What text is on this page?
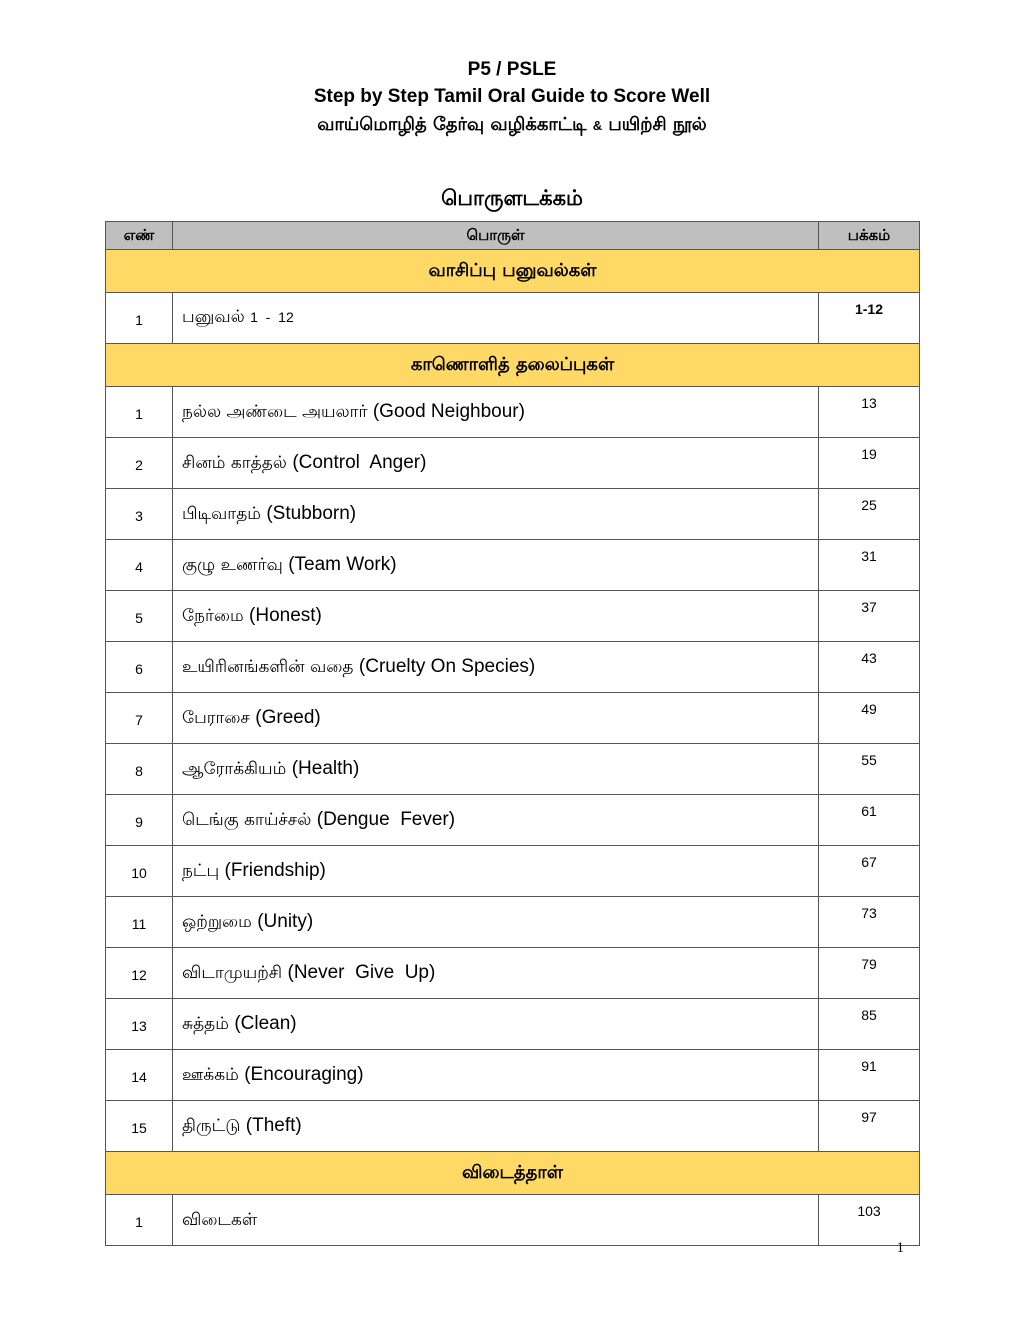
P5 / PSLE
Step by Step Tamil Oral Guide to Score Well
வாய்மொழித் தேர்வு வழிக்காட்டி & பயிற்சி நூல்
பொருளடக்கம்
எண்	பொருள்	பக்கம்
வாசிப்பு பனுவல்கள்		
1	பனுவல் 1  -  12	1-12
காணொளித் தலைப்புகள்		
1	நல்ல அண்டை அயலார் (Good Neighbour)	13
2	சினம் காத்தல் (Control  Anger)	19
3	பிடிவாதம் (Stubborn)	25
4	குழு உணர்வு (Team Work)	31
5	நேர்மை (Honest)	37
6	உயிரினங்களின் வதை (Cruelty On Species)	43
7	பேராசை (Greed)	49
8	ஆரோக்கியம் (Health)	55
9	டெங்கு காய்ச்சல் (Dengue  Fever)	61
10	நட்பு (Friendship)	67
11	ஒற்றுமை (Unity)	73
12	விடாமுயற்சி (Never  Give  Up)	79
13	சுத்தம் (Clean)	85
14	ஊக்கம் (Encouraging)	91
15	திருட்டு (Theft)	97
விடைத்தாள்		
1	விடைகள்	103
1
